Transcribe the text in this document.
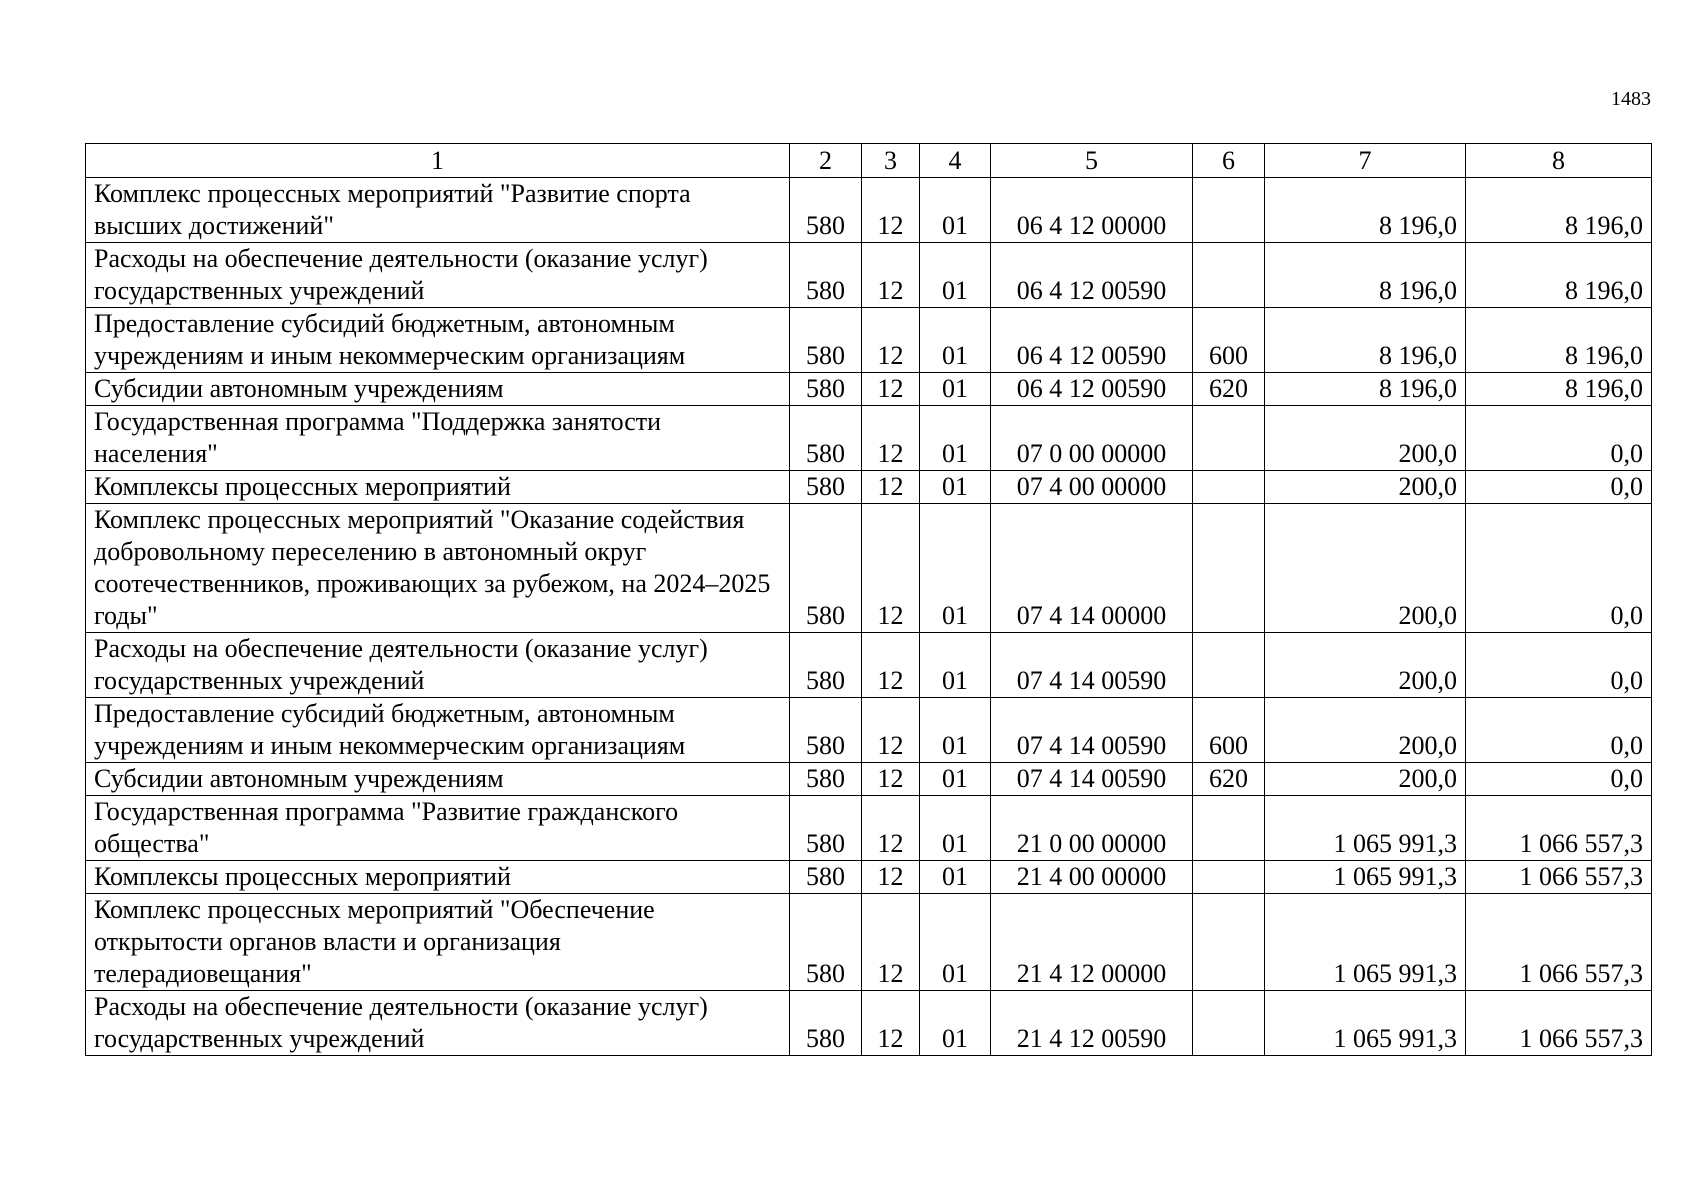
1483
1	2	3	4	5	6	7	8
Комплекс процессных мероприятий "Развитие спорта высших достижений"	580	12	01	06 4 12 00000		8 196,0	8 196,0
Расходы на обеспечение деятельности (оказание услуг) государственных учреждений	580	12	01	06 4 12 00590		8 196,0	8 196,0
Предоставление субсидий бюджетным, автономным учреждениям и иным некоммерческим организациям	580	12	01	06 4 12 00590	600	8 196,0	8 196,0
Субсидии автономным учреждениям	580	12	01	06 4 12 00590	620	8 196,0	8 196,0
Государственная программа "Поддержка занятости населения"	580	12	01	07 0 00 00000		200,0	0,0
Комплексы процессных мероприятий	580	12	01	07 4 00 00000		200,0	0,0
Комплекс процессных мероприятий "Оказание содействия добровольному переселению в автономный округ соотечественников, проживающих за рубежом, на 2024–2025 годы"	580	12	01	07 4 14 00000		200,0	0,0
Расходы на обеспечение деятельности (оказание услуг) государственных учреждений	580	12	01	07 4 14 00590		200,0	0,0
Предоставление субсидий бюджетным, автономным учреждениям и иным некоммерческим организациям	580	12	01	07 4 14 00590	600	200,0	0,0
Субсидии автономным учреждениям	580	12	01	07 4 14 00590	620	200,0	0,0
Государственная программа "Развитие гражданского общества"	580	12	01	21 0 00 00000		1 065 991,3	1 066 557,3
Комплексы процессных мероприятий	580	12	01	21 4 00 00000		1 065 991,3	1 066 557,3
Комплекс процессных мероприятий "Обеспечение открытости органов власти и организация телерадиовещания"	580	12	01	21 4 12 00000		1 065 991,3	1 066 557,3
Расходы на обеспечение деятельности (оказание услуг) государственных учреждений	580	12	01	21 4 12 00590		1 065 991,3	1 066 557,3
